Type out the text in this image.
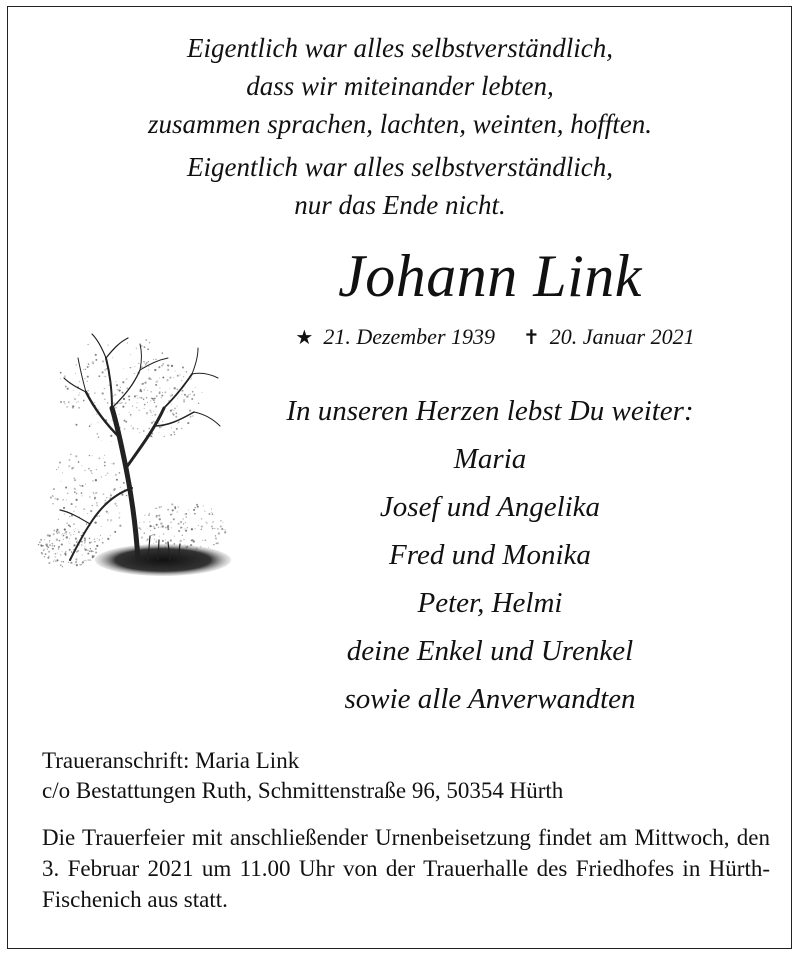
Eigentlich war alles selbstverständlich,
dass wir miteinander lebten,
zusammen sprachen, lachten, weinten, hofften.
Eigentlich war alles selbstverständlich,
nur das Ende nicht.
Johann Link
★ 21. Dezember 1939 ✝ 20. Januar 2021
In unseren Herzen lebst Du weiter:
Maria
Josef und Angelika
Fred und Monika
Peter, Helmi
deine Enkel und Urenkel
sowie alle Anverwandten
Traueranschrift: Maria Link
c/o Bestattungen Ruth, Schmittenstraße 96, 50354 Hürth
Die Trauerfeier mit anschließender Urnenbeisetzung findet am Mittwoch, den 3. Februar 2021 um 11.00 Uhr von der Trauerhalle des Friedhofes in Hürth-Fischenich aus statt.
